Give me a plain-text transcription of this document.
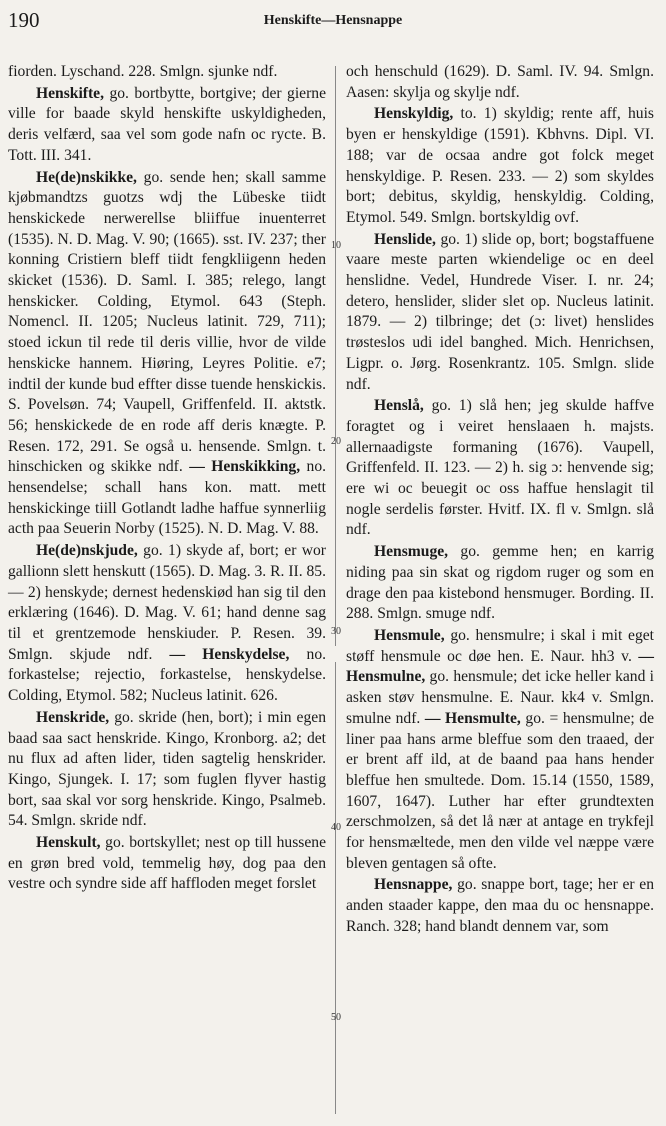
190	Henskifte—Hensnappe

fiorden. Lyschand. 228. Smlgn. sjunke ndf.

Henskifte, go. bortbytte, bortgive; der gierne ville for baade skyld henskifte uskyldigheden, deris velfærd, saa vel som gode nafn oc rycte. B. Tott. III. 341.

He(de)nskikke, go. sende hen; skall samme kjøbmandtzs guotzs wdj the Lübeske tiidt henskickede nerwerellse bliiffue inuenterret (1535). N. D. Mag. V. 90; (1665). sst. IV. 237; ther konning Cristiern bleff tiidt fengkliigenn heden skicket (1536). D. Saml. I. 385; relego, langt henskicker. Colding, Etymol. 643 (Steph. Nomencl. II. 1205; Nucleus latinit. 729, 711); stoed ickun til rede til deris villie, hvor de vilde henskicke hannem. Hiøring, Leyres Politie. e7; indtil der kunde bud effter disse tuende henskickis. S. Povelsøn. 74; Vaupell, Griffenfeld. II. aktstk. 56; henskickede de en rode aff deris knægte. P. Resen. 172, 291. Se også u. hensende. Smlgn. t. hinschicken og skikke ndf. — Henskikking, no. hensendelse; schall hans kon. matt. mett henskickinge tiill Gotlandt ladhe haffue synnerliig acth paa Seuerin Norby (1525). N. D. Mag. V. 88.

He(de)nskjude, go. 1) skyde af, bort; er wor gallionn slett henskutt (1565). D. Mag. 3. R. II. 85. — 2) henskyde; dernest hedenskiød han sig til den erklæring (1646). D. Mag. V. 61; hand denne sag til et grentzemode henskiuder. P. Resen. 39. Smlgn. skjude ndf. — Henskydelse, no. forkastelse; rejectio, forkastelse, henskydelse. Colding, Etymol. 582; Nucleus latinit. 626.

Henskride, go. skride (hen, bort); i min egen baad saa sact henskride. Kingo, Kronborg. a2; det nu flux ad aften lider, tiden sagtelig henskrider. Kingo, Sjungek. I. 17; som fuglen flyver hastig bort, saa skal vor sorg henskride. Kingo, Psalmeb. 54. Smlgn. skride ndf.

Henskult, go. bortskyllet; nest op till hussene en grøn bred vold, temmelig høy, dog paa den vestre och syndre side aff haffloden meget forslet

10
20
30
40
50

och henschuld (1629). D. Saml. IV. 94. Smlgn. Aasen: skylja og skylje ndf.

Henskyldig, to. 1) skyldig; rente aff, huis byen er henskyldige (1591). Kbhvns. Dipl. VI. 188; var de ocsaa andre got folck meget henskyldige. P. Resen. 233. — 2) som skyldes bort; debitus, skyldig, henskyldig. Colding, Etymol. 549. Smlgn. bortskyldig ovf.

Henslide, go. 1) slide op, bort; bogstaffuene vaare meste parten wkiendelige oc en deel henslidne. Vedel, Hundrede Viser. I. nr. 24; detero, henslider, slider slet op. Nucleus latinit. 1879. — 2) tilbringe; det (ɔ: livet) henslides trøsteslos udi idel banghed. Mich. Henrichsen, Ligpr. o. Jørg. Rosenkrantz. 105. Smlgn. slide ndf.

Henslå, go. 1) slå hen; jeg skulde haffve foragtet og i veiret henslaaen h. majsts. allernaadigste formaning (1676). Vaupell, Griffenfeld. II. 123. — 2) h. sig ɔ: henvende sig; ere wi oc beuegit oc oss haffue henslagit til nogle serdelis førster. Hvitf. IX. fl v. Smlgn. slå ndf.

Hensmuge, go. gemme hen; en karrig niding paa sin skat og rigdom ruger og som en drage den paa kistebond hensmuger. Bording. II. 288. Smlgn. smuge ndf.

Hensmule, go. hensmulre; i skal i mit eget støff hensmule oc døe hen. E. Naur. hh3 v. — Hensmulne, go. hensmule; det icke heller kand i asken støv hensmulne. E. Naur. kk4 v. Smlgn. smulne ndf. — Hensmulte, go. = hensmulne; de liner paa hans arme bleffue som den traaed, der er brent aff ild, at de baand paa hans hender bleffue hen smultede. Dom. 15.14 (1550, 1589, 1607, 1647). Luther har efter grundtexten zerschmolzen, så det lå nær at antage en trykfejl for hensmæltede, men den vilde vel næppe være bleven gentagen så ofte.

Hensnappe, go. snappe bort, tage; her er en anden staader kappe, den maa du oc hensnappe. Ranch. 328; hand blandt dennem var, som
